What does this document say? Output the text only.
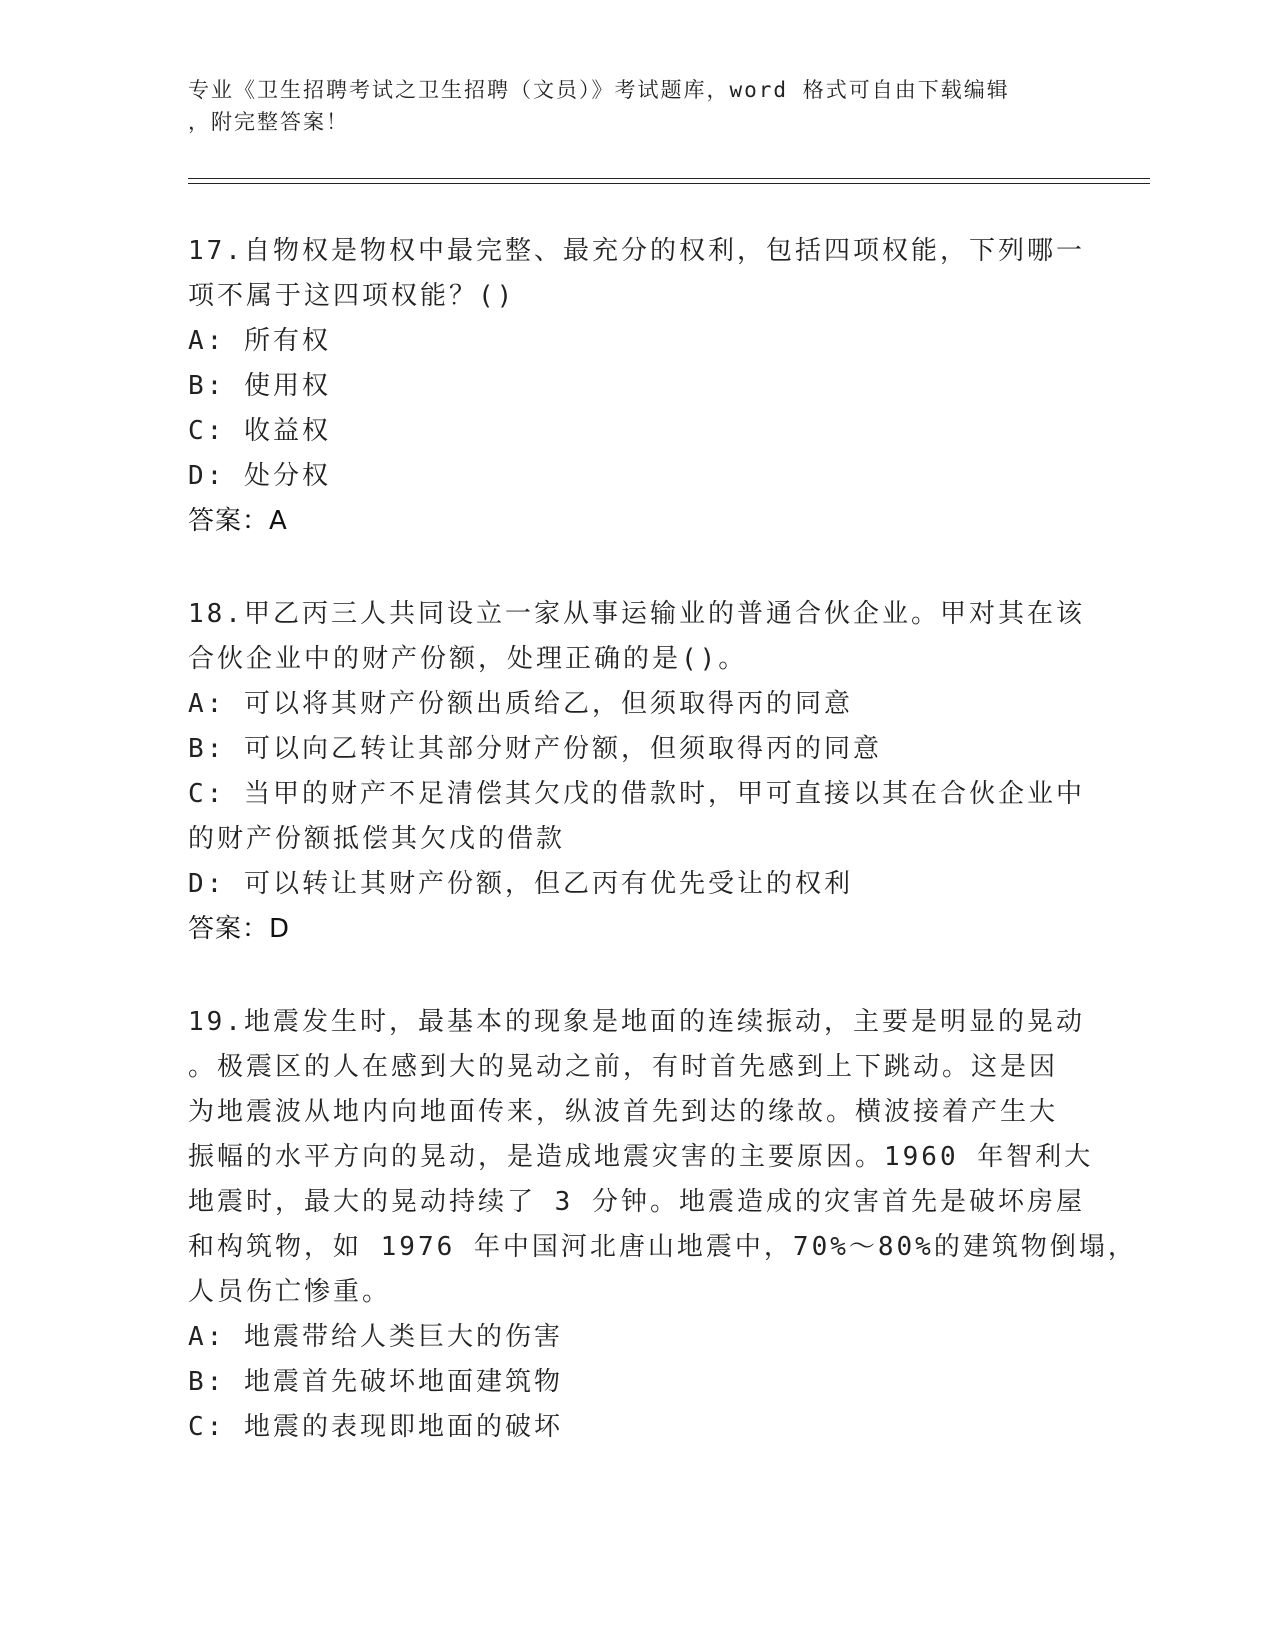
专业《卫生招聘考试之卫生招聘（文员）》考试题库，word 格式可自由下载编辑
，附完整答案！
17.自物权是物权中最完整、最充分的权利，包括四项权能，下列哪一
项不属于这四项权能？()
A: 所有权
B: 使用权
C: 收益权
D: 处分权
答案：A
18.甲乙丙三人共同设立一家从事运输业的普通合伙企业。甲对其在该
合伙企业中的财产份额，处理正确的是()。
A: 可以将其财产份额出质给乙，但须取得丙的同意
B: 可以向乙转让其部分财产份额，但须取得丙的同意
C: 当甲的财产不足清偿其欠戊的借款时，甲可直接以其在合伙企业中
的财产份额抵偿其欠戊的借款
D: 可以转让其财产份额，但乙丙有优先受让的权利
答案：D
19.地震发生时，最基本的现象是地面的连续振动，主要是明显的晃动
。极震区的人在感到大的晃动之前，有时首先感到上下跳动。这是因
为地震波从地内向地面传来，纵波首先到达的缘故。横波接着产生大
振幅的水平方向的晃动，是造成地震灾害的主要原因。1960 年智利大
地震时，最大的晃动持续了 3 分钟。地震造成的灾害首先是破坏房屋
和构筑物，如 1976 年中国河北唐山地震中，70%～80%的建筑物倒塌，
人员伤亡惨重。
A: 地震带给人类巨大的伤害
B: 地震首先破坏地面建筑物
C: 地震的表现即地面的破坏
